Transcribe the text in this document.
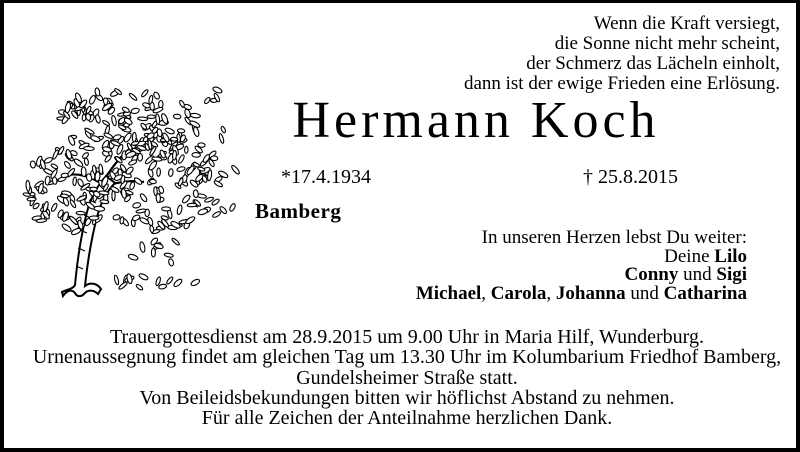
Wenn die Kraft versiegt,
die Sonne nicht mehr scheint,
der Schmerz das Lächeln einholt,
dann ist der ewige Frieden eine Erlösung.
Hermann Koch
*17.4.1934	† 25.8.2015
Bamberg
In unseren Herzen lebst Du weiter:
Deine Lilo
Conny und Sigi
Michael, Carola, Johanna und Catharina
Trauergottesdienst am 28.9.2015 um 9.00 Uhr in Maria Hilf, Wunderburg.
Urnenaussegnung findet am gleichen Tag um 13.30 Uhr im Kolumbarium Friedhof Bamberg,
Gundelsheimer Straße statt.
Von Beileidsbekundungen bitten wir höflichst Abstand zu nehmen.
Für alle Zeichen der Anteilnahme herzlichen Dank.
